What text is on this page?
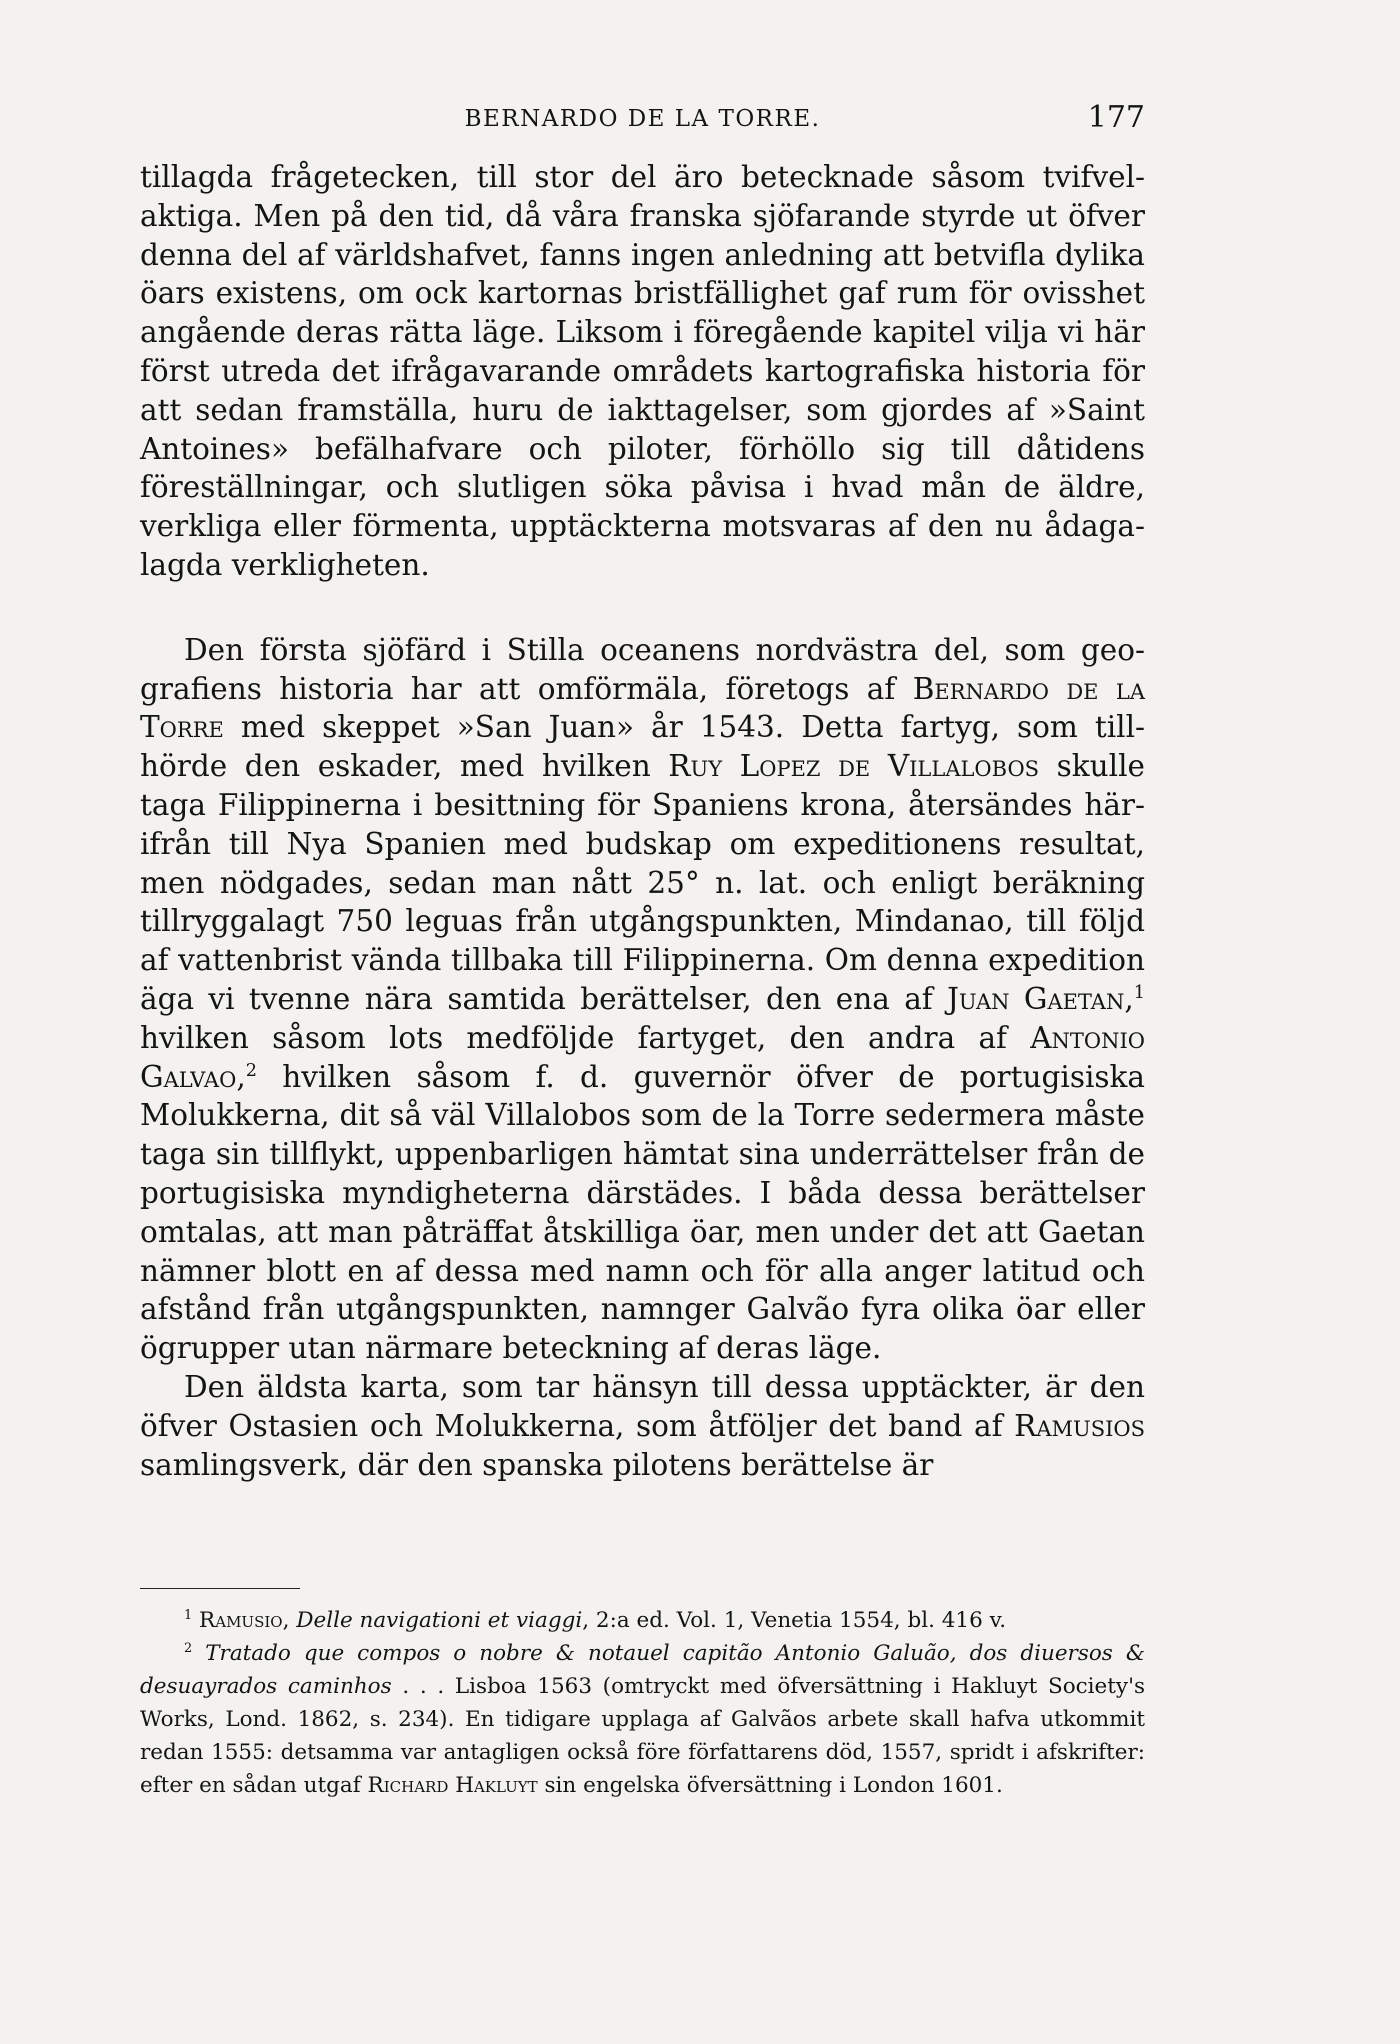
BERNARDO DE LA TORRE.	177

tillagda frågetecken, till stor del äro betecknade såsom tvifvelaktiga. Men på den tid, då våra franska sjöfarande styrde ut öfver denna del af världshafvet, fanns ingen anledning att betvifla dylika öars existens, om ock kartornas bristfällighet gaf rum för ovisshet angående deras rätta läge. Liksom i föregående kapitel vilja vi här först utreda det ifrågavarande områdets kartografiska historia för att sedan framställa, huru de iakttagelser, som gjordes af »Saint Antoines» befälhafvare och piloter, förhöllo sig till dåtidens föreställningar, och slutligen söka påvisa i hvad mån de äldre, verkliga eller förmenta, upptäckterna motsvaras af den nu ådagalagda verkligheten.

Den första sjöfärd i Stilla oceanens nordvästra del, som geografiens historia har att omförmäla, företogs af Bernardo de la Torre med skeppet »San Juan» år 1543. Detta fartyg, som tillhörde den eskader, med hvilken Ruy Lopez de Villalobos skulle taga Filippinerna i besittning för Spaniens krona, återsändes härifrån till Nya Spanien med budskap om expeditionens resultat, men nödgades, sedan man nått 25° n. lat. och enligt beräkning tillryggalagt 750 leguas från utgångspunkten, Mindanao, till följd af vattenbrist vända tillbaka till Filippinerna. Om denna expedition äga vi tvenne nära samtida berättelser, den ena af Juan Gaetan,$^1$ hvilken såsom lots medföljde fartyget, den andra af Antonio Galvao,$^2$ hvilken såsom f. d. guvernör öfver de portugisiska Molukkerna, dit så väl Villalobos som de la Torre sedermera måste taga sin tillflykt, uppenbarligen hämtat sina underrättelser från de portugisiska myndigheterna därstädes. I båda dessa berättelser omtalas, att man påträffat åtskilliga öar, men under det att Gaetan nämner blott en af dessa med namn och för alla anger latitud och afstånd från utgångspunkten, namnger Galvão fyra olika öar eller ögrupper utan närmare beteckning af deras läge.

Den äldsta karta, som tar hänsyn till dessa upptäckter, är den öfver Ostasien och Molukkerna, som åtföljer det band af Ramusios samlingsverk, där den spanska pilotens berättelse är

$^1$ Ramusio, Delle navigationi et viaggi, 2:a ed. Vol. 1, Venetia 1554, bl. 416 v.

$^2$ Tratado que compos o nobre & notauel capitão Antonio Galuão, dos diuersos & desuayrados caminhos . . . Lisboa 1563 (omtryckt med öfversättning i Hakluyt Society's Works, Lond. 1862, s. 234). En tidigare upplaga af Galvãos arbete skall hafva utkommit redan 1555: detsamma var antagligen också före författarens död, 1557, spridt i afskrifter: efter en sådan utgaf Richard Hakluyt sin engelska öfversättning i London 1601.
